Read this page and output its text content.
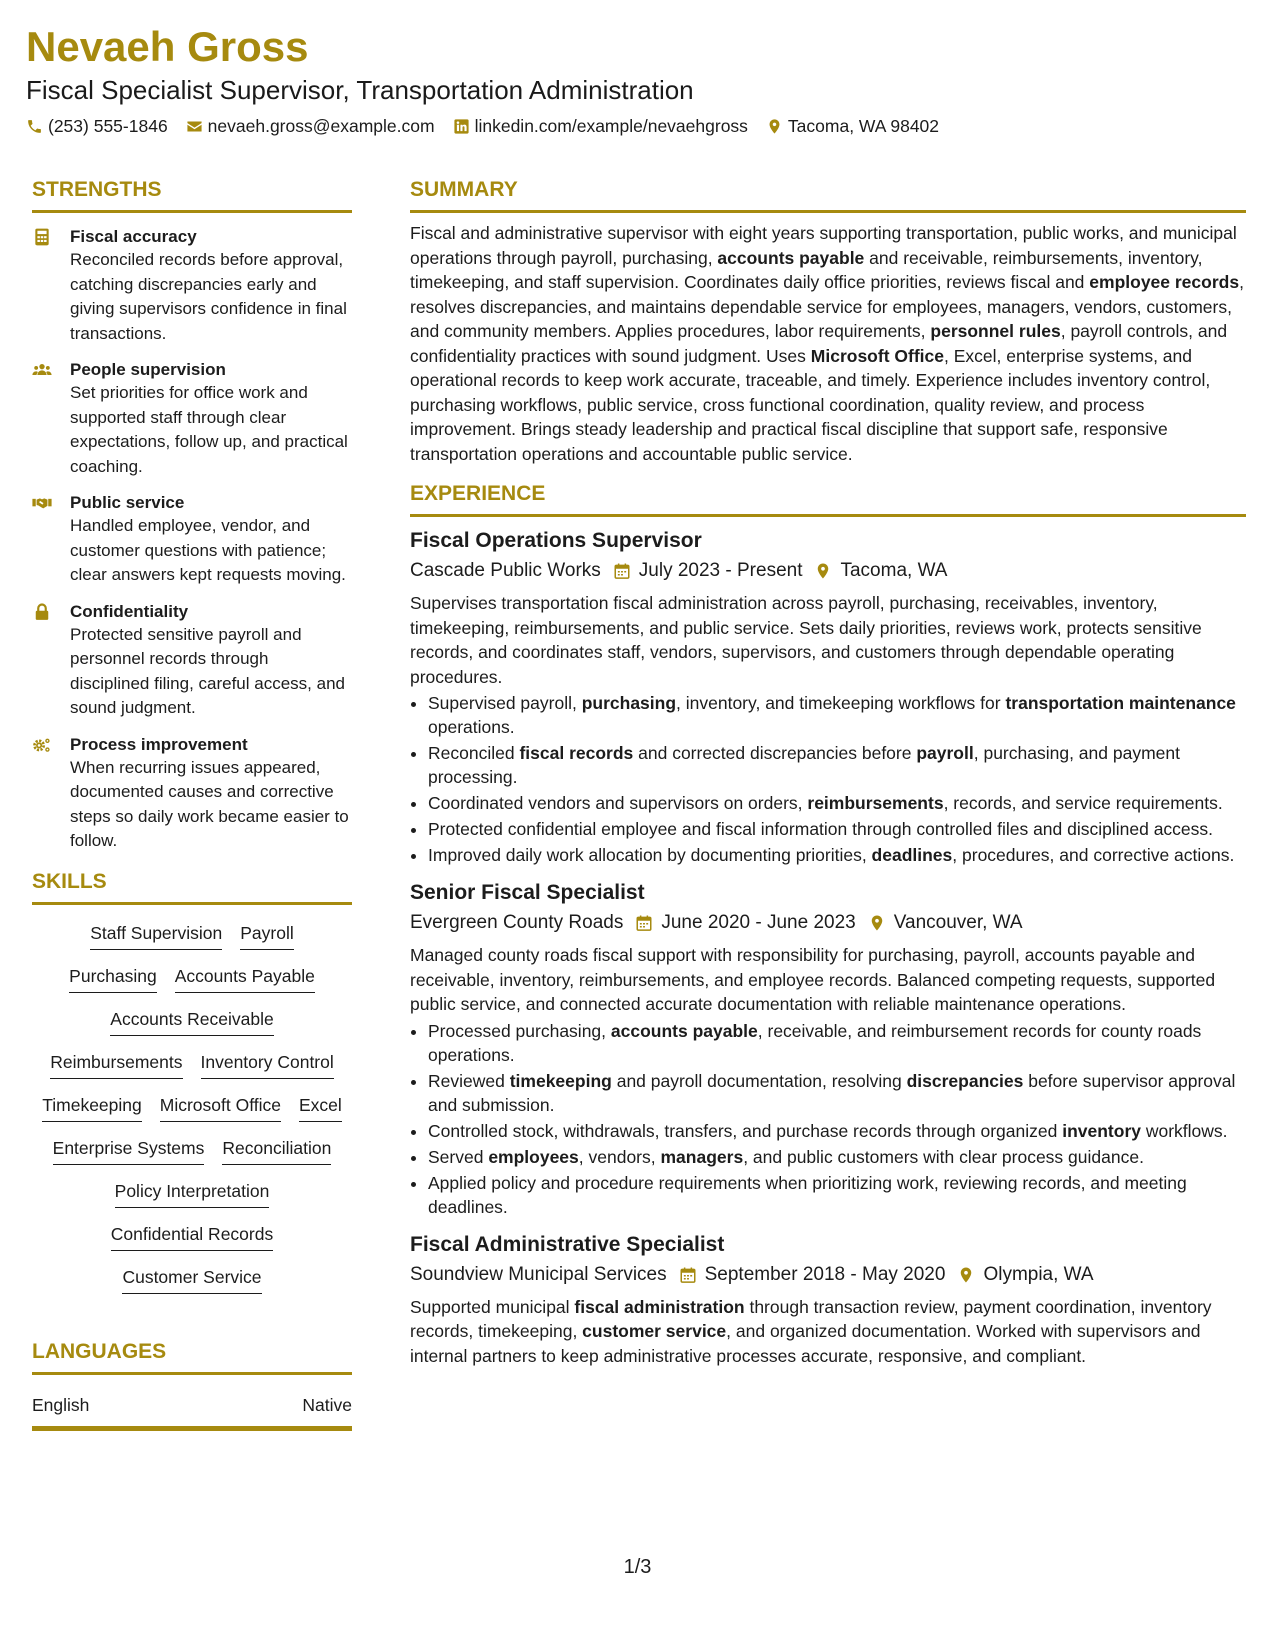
Nevaeh Gross
Fiscal Specialist Supervisor, Transportation Administration
(253) 555-1846 nevaeh.gross@example.com linkedin.com/example/nevaehgross Tacoma, WA 98402
STRENGTHS
Fiscal accuracy
Reconciled records before approval, catching discrepancies early and giving supervisors confidence in final transactions.
People supervision
Set priorities for office work and supported staff through clear expectations, follow up, and practical coaching.
Public service
Handled employee, vendor, and customer questions with patience; clear answers kept requests moving.
Confidentiality
Protected sensitive payroll and personnel records through disciplined filing, careful access, and sound judgment.
Process improvement
When recurring issues appeared, documented causes and corrective steps so daily work became easier to follow.
SKILLS
Staff Supervision Payroll
Purchasing Accounts Payable
Accounts Receivable
Reimbursements Inventory Control
Timekeeping Microsoft Office Excel
Enterprise Systems Reconciliation
Policy Interpretation
Confidential Records
Customer Service
LANGUAGES
English	Native
SUMMARY
Fiscal and administrative supervisor with eight years supporting transportation, public works, and municipal operations through payroll, purchasing, accounts payable and receivable, reimbursements, inventory, timekeeping, and staff supervision. Coordinates daily office priorities, reviews fiscal and employee records, resolves discrepancies, and maintains dependable service for employees, managers, vendors, customers, and community members. Applies procedures, labor requirements, personnel rules, payroll controls, and confidentiality practices with sound judgment. Uses Microsoft Office, Excel, enterprise systems, and operational records to keep work accurate, traceable, and timely. Experience includes inventory control, purchasing workflows, public service, cross functional coordination, quality review, and process improvement. Brings steady leadership and practical fiscal discipline that support safe, responsive transportation operations and accountable public service.
EXPERIENCE
Fiscal Operations Supervisor
Cascade Public Works July 2023 - Present Tacoma, WA
Supervises transportation fiscal administration across payroll, purchasing, receivables, inventory, timekeeping, reimbursements, and public service. Sets daily priorities, reviews work, protects sensitive records, and coordinates staff, vendors, supervisors, and customers through dependable operating procedures.
• Supervised payroll, purchasing, inventory, and timekeeping workflows for transportation maintenance operations.
• Reconciled fiscal records and corrected discrepancies before payroll, purchasing, and payment processing.
• Coordinated vendors and supervisors on orders, reimbursements, records, and service requirements.
• Protected confidential employee and fiscal information through controlled files and disciplined access.
• Improved daily work allocation by documenting priorities, deadlines, procedures, and corrective actions.
Senior Fiscal Specialist
Evergreen County Roads June 2020 - June 2023 Vancouver, WA
Managed county roads fiscal support with responsibility for purchasing, payroll, accounts payable and receivable, inventory, reimbursements, and employee records. Balanced competing requests, supported public service, and connected accurate documentation with reliable maintenance operations.
• Processed purchasing, accounts payable, receivable, and reimbursement records for county roads operations.
• Reviewed timekeeping and payroll documentation, resolving discrepancies before supervisor approval and submission.
• Controlled stock, withdrawals, transfers, and purchase records through organized inventory workflows.
• Served employees, vendors, managers, and public customers with clear process guidance.
• Applied policy and procedure requirements when prioritizing work, reviewing records, and meeting deadlines.
Fiscal Administrative Specialist
Soundview Municipal Services September 2018 - May 2020 Olympia, WA
Supported municipal fiscal administration through transaction review, payment coordination, inventory records, timekeeping, customer service, and organized documentation. Worked with supervisors and internal partners to keep administrative processes accurate, responsive, and compliant.
1/3
